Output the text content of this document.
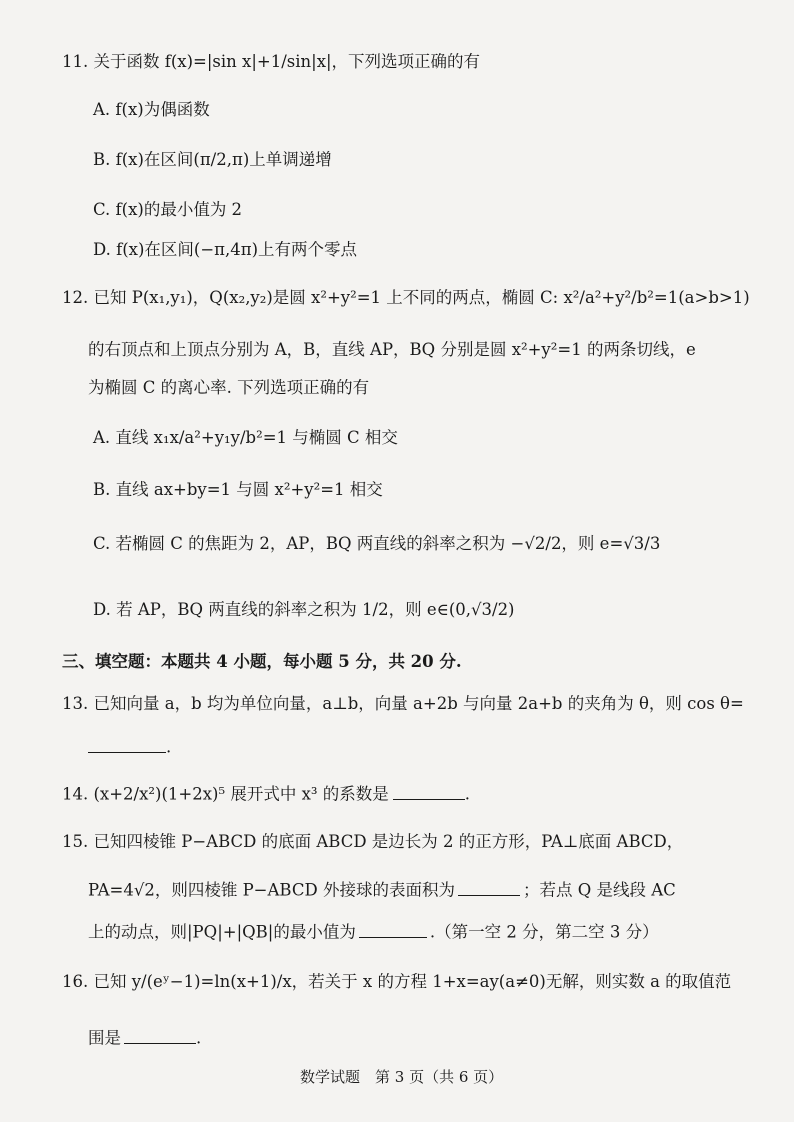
11. 关于函数 f(x)=|sin x|+1/sin|x|，下列选项正确的有
A. f(x)为偶函数
B. f(x)在区间(π/2,π)上单调递增
C. f(x)的最小值为 2
D. f(x)在区间(−π,4π)上有两个零点
12. 已知 P(x₁,y₁)，Q(x₂,y₂)是圆 x²+y²=1 上不同的两点，椭圆 C: x²/a²+y²/b²=1(a>b>1)
的右顶点和上顶点分别为 A，B，直线 AP，BQ 分别是圆 x²+y²=1 的两条切线，e
为椭圆 C 的离心率. 下列选项正确的有
A. 直线 x₁x/a²+y₁y/b²=1 与椭圆 C 相交
B. 直线 ax+by=1 与圆 x²+y²=1 相交
C. 若椭圆 C 的焦距为 2，AP，BQ 两直线的斜率之积为 −√2/2，则 e=√3/3
D. 若 AP，BQ 两直线的斜率之积为 1/2，则 e∈(0,√3/2)
三、填空题：本题共 4 小题，每小题 5 分，共 20 分.
13. 已知向量 a，b 均为单位向量，a⊥b，向量 a+2b 与向量 2a+b 的夹角为 θ，则 cos θ=
.
14. (x+2/x²)(1+2x)⁵ 展开式中 x³ 的系数是	.
15. 已知四棱锥 P−ABCD 的底面 ABCD 是边长为 2 的正方形，PA⊥底面 ABCD，
PA=4√2，则四棱锥 P−ABCD 外接球的表面积为	；若点 Q 是线段 AC
上的动点，则|PQ|+|QB|的最小值为	.（第一空 2 分，第二空 3 分）
16. 已知 y/(eʸ−1)=ln(x+1)/x，若关于 x 的方程 1+x=ay(a≠0)无解，则实数 a 的取值范
围是	.
数学试题　第 3 页（共 6 页）
